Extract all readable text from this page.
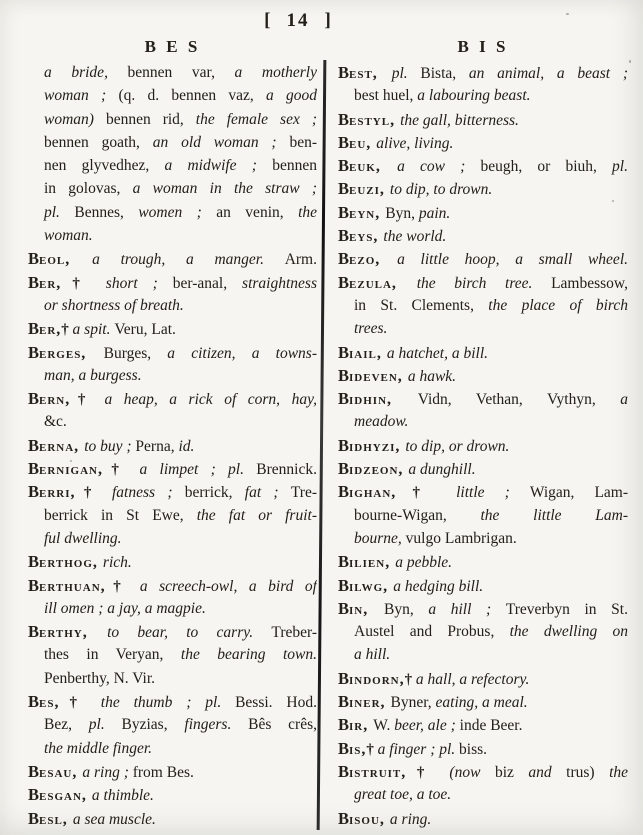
[ 14 ]
B E S	B I S
a bride, bennen var, a motherly
woman ; (q. d. bennen vaz, a good
woman) bennen rid, the female sex ;
bennen goath, an old woman ; ben-
nen glyvedhez, a midwife ; bennen
in golovas, a woman in the straw ;
pl. Bennes, women ; an venin, the
woman.
Beol, a trough, a manger. Arm.
Ber,† short ; ber-anal, straightness
or shortness of breath.
Ber,† a spit. Veru, Lat.
Berges, Burges, a citizen, a towns-
man, a burgess.
Bern,† a heap, a rick of corn, hay,
&c.
Berna, to buy ; Perna, id.
Bernigan,† a limpet ; pl. Brennick.
Berri,† fatness ; berrick, fat ; Tre-
berrick in St Ewe, the fat or fruit-
ful dwelling.
Berthog, rich.
Berthuan,† a screech-owl, a bird of
ill omen ; a jay, a magpie.
Berthy, to bear, to carry. Treber-
thes in Veryan, the bearing town.
Penberthy, N. Vir.
Bes,† the thumb ; pl. Bessi. Hod.
Bez, pl. Byzias, fingers. Bês crês,
the middle finger.
Besau, a ring ; from Bes.
Besgan, a thimble.
Besl, a sea muscle.
Best, pl. Bista, an animal, a beast ;
best huel, a labouring beast.
Bestyl, the gall, bitterness.
Beu, alive, living.
Beuk, a cow ; beugh, or biuh, pl.
Beuzi, to dip, to drown.
Beyn, Byn, pain.
Beys, the world.
Bezo, a little hoop, a small wheel.
Bezula, the birch tree. Lambessow,
in St. Clements, the place of birch
trees.
Biail, a hatchet, a bill.
Bideven, a hawk.
Bidhin, Vidn, Vethan, Vythyn, a
meadow.
Bidhyzi, to dip, or drown.
Bidzeon, a dunghill.
Bighan,† little ; Wigan, Lam-
bourne-Wigan, the little Lam-
bourne, vulgo Lambrigan.
Bilien, a pebble.
Bilwg, a hedging bill.
Bin, Byn, a hill ; Treverbyn in St.
Austel and Probus, the dwelling on
a hill.
Bindorn,† a hall, a refectory.
Biner, Byner, eating, a meal.
Bir, W. beer, ale ; inde Beer.
Bis,† a finger ; pl. biss.
Bistruit,† (now biz and trus) the
great toe, a toe.
Bisou, a ring.
